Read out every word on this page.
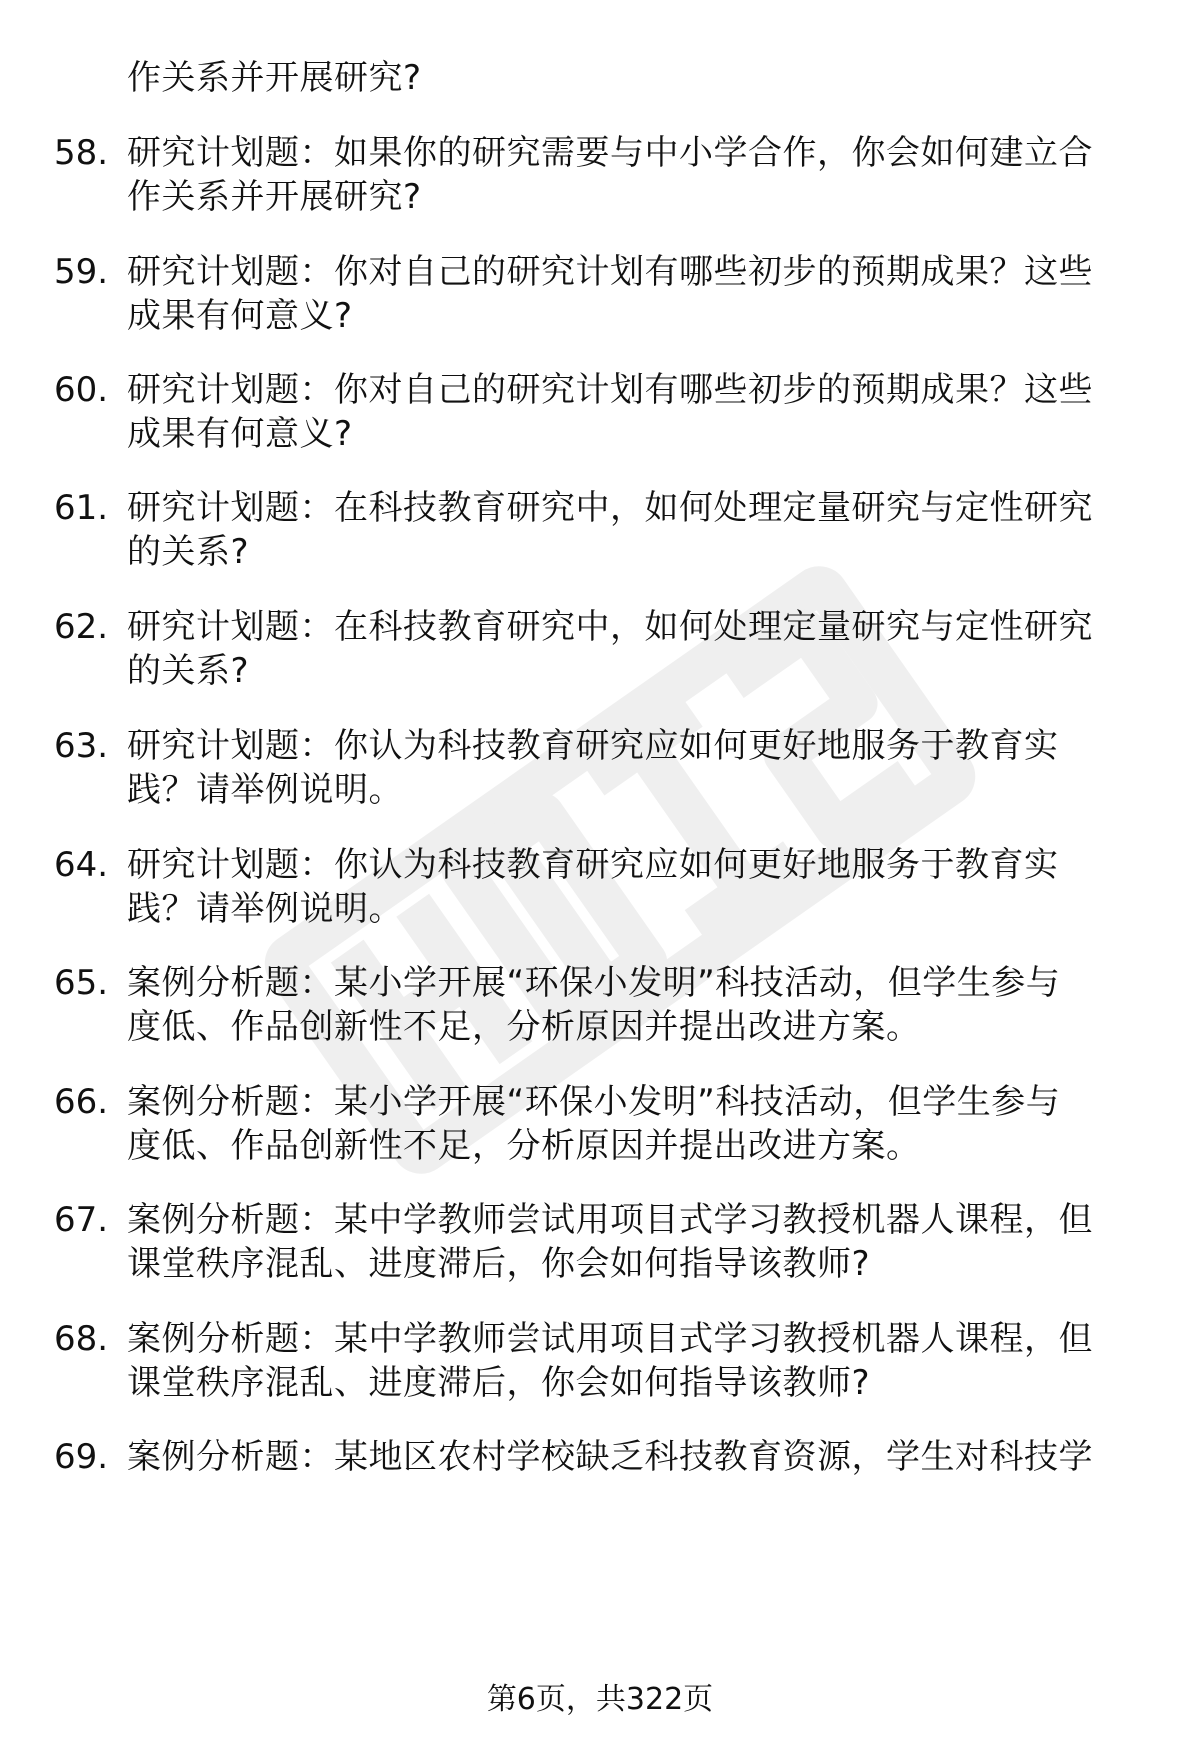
作关系并开展研究?
58. 研究计划题：如果你的研究需要与中小学合作，你会如何建立合
作关系并开展研究?
59. 研究计划题：你对自己的研究计划有哪些初步的预期成果？这些
成果有何意义?
60. 研究计划题：你对自己的研究计划有哪些初步的预期成果？这些
成果有何意义?
61. 研究计划题：在科技教育研究中，如何处理定量研究与定性研究
的关系?
62. 研究计划题：在科技教育研究中，如何处理定量研究与定性研究
的关系?
63. 研究计划题：你认为科技教育研究应如何更好地服务于教育实
践？请举例说明。
64. 研究计划题：你认为科技教育研究应如何更好地服务于教育实
践？请举例说明。
65. 案例分析题：某小学开展“环保小发明”科技活动，但学生参与
度低、作品创新性不足，分析原因并提出改进方案。
66. 案例分析题：某小学开展“环保小发明”科技活动，但学生参与
度低、作品创新性不足，分析原因并提出改进方案。
67. 案例分析题：某中学教师尝试用项目式学习教授机器人课程，但
课堂秩序混乱、进度滞后，你会如何指导该教师?
68. 案例分析题：某中学教师尝试用项目式学习教授机器人课程，但
课堂秩序混乱、进度滞后，你会如何指导该教师?
69. 案例分析题：某地区农村学校缺乏科技教育资源，学生对科技学
第6页，共322页
